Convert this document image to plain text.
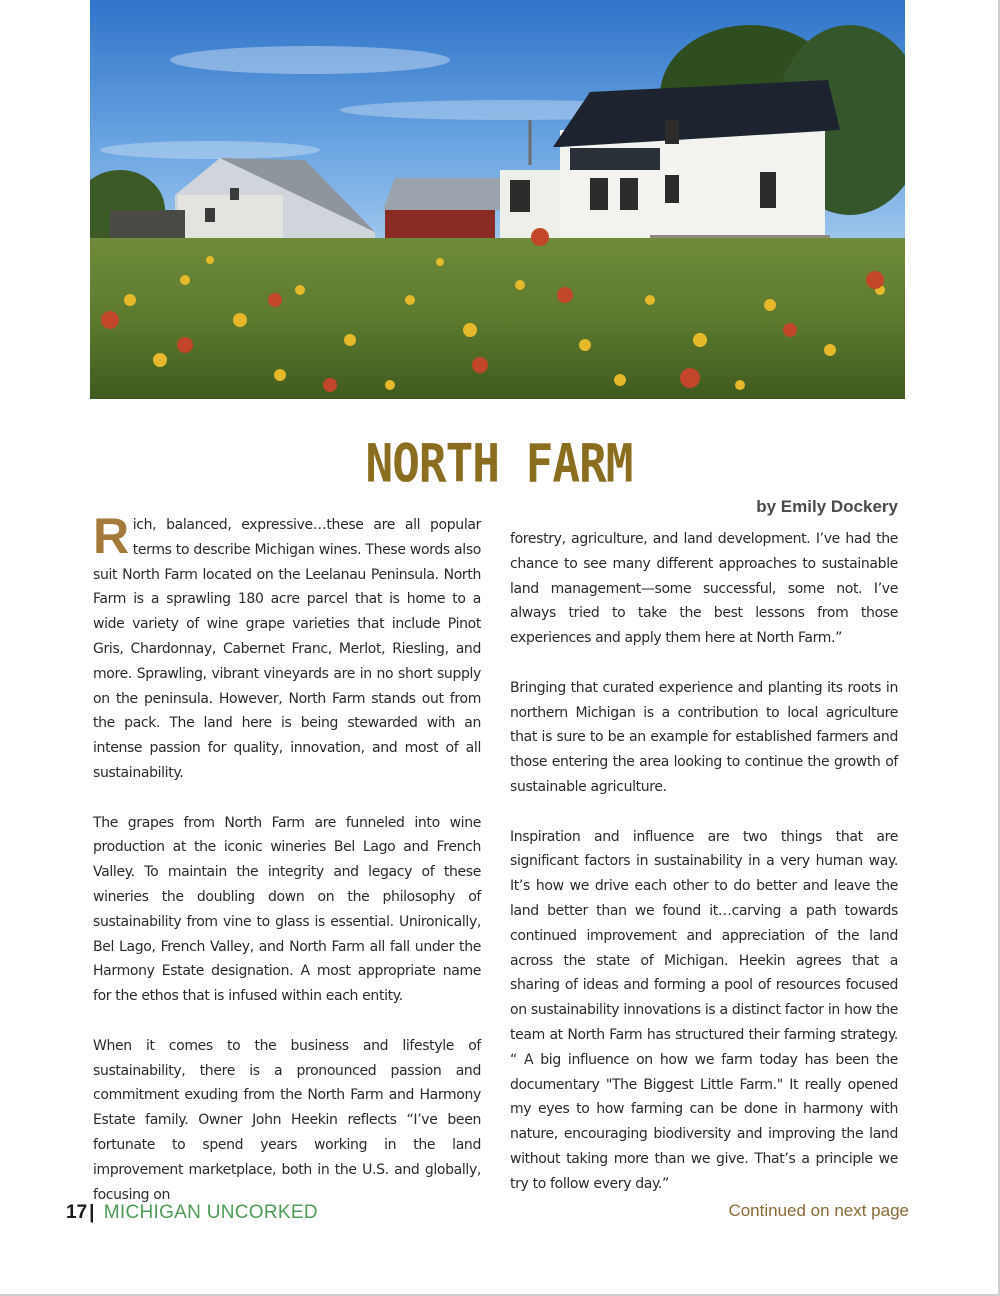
NORTH FARM
by Emily Dockery

Rich, balanced, expressive…these are all popular terms to describe Michigan wines. These words also suit North Farm located on the Leelanau Peninsula. North Farm is a sprawling 180 acre parcel that is home to a wide variety of wine grape varieties that include Pinot Gris, Chardonnay, Cabernet Franc, Merlot, Riesling, and more. Sprawling, vibrant vineyards are in no short supply on the peninsula. However, North Farm stands out from the pack. The land here is being stewarded with an intense passion for quality, innovation, and most of all sustainability.

The grapes from North Farm are funneled into wine production at the iconic wineries Bel Lago and French Valley. To maintain the integrity and legacy of these wineries the doubling down on the philosophy of sustainability from vine to glass is essential. Unironically, Bel Lago, French Valley, and North Farm all fall under the Harmony Estate designation. A most appropriate name for the ethos that is infused within each entity.

When it comes to the business and lifestyle of sustainability, there is a pronounced passion and commitment exuding from the North Farm and Harmony Estate family. Owner John Heekin reflects “I’ve been fortunate to spend years working in the land improvement marketplace, both in the U.S. and globally, focusing on

forestry, agriculture, and land development. I’ve had the chance to see many different approaches to sustainable land management—some successful, some not. I’ve always tried to take the best lessons from those experiences and apply them here at North Farm.”

Bringing that curated experience and planting its roots in northern Michigan is a contribution to local agriculture that is sure to be an example for established farmers and those entering the area looking to continue the growth of sustainable agriculture.

Inspiration and influence are two things that are significant factors in sustainability in a very human way. It’s how we drive each other to do better and leave the land better than we found it…carving a path towards continued improvement and appreciation of the land across the state of Michigan. Heekin agrees that a sharing of ideas and forming a pool of resources focused on sustainability innovations is a distinct factor in how the team at North Farm has structured their farming strategy. “ A big influence on how we farm today has been the documentary "The Biggest Little Farm." It really opened my eyes to how farming can be done in harmony with nature, encouraging biodiversity and improving the land without taking more than we give. That’s a principle we try to follow every day.”

17 | MICHIGAN UNCORKED	Continued on next page
